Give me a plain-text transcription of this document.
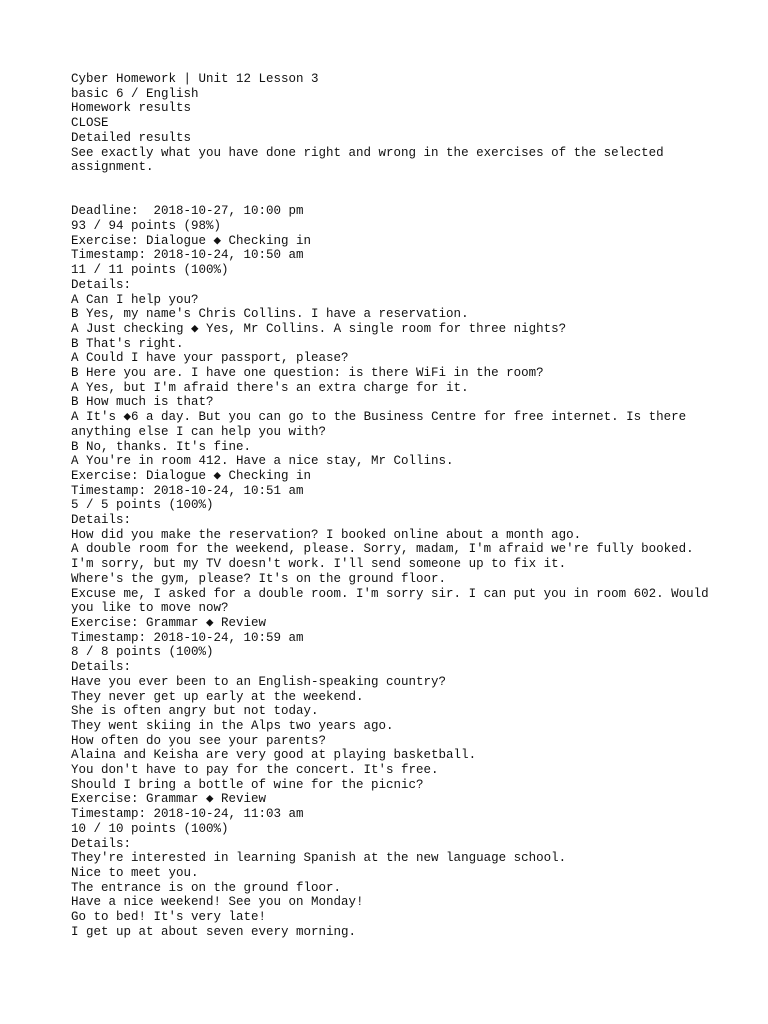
Cyber Homework | Unit 12 Lesson 3
basic 6 / English
Homework results
CLOSE
Detailed results
See exactly what you have done right and wrong in the exercises of the selected assignment.
Deadline:  2018-10-27, 10:00 pm
93 / 94 points (98%)
Exercise: Dialogue ◆ Checking in
Timestamp: 2018-10-24, 10:50 am
11 / 11 points (100%)
Details:
A Can I help you?
B Yes, my name's Chris Collins. I have a reservation.
A Just checking ◆ Yes, Mr Collins. A single room for three nights?
B That's right.
A Could I have your passport, please?
B Here you are. I have one question: is there WiFi in the room?
A Yes, but I'm afraid there's an extra charge for it.
B How much is that?
A It's ◆6 a day. But you can go to the Business Centre for free internet. Is there anything else I can help you with?
B No, thanks. It's fine.
A You're in room 412. Have a nice stay, Mr Collins.
Exercise: Dialogue ◆ Checking in
Timestamp: 2018-10-24, 10:51 am
5 / 5 points (100%)
Details:
How did you make the reservation? I booked online about a month ago.
A double room for the weekend, please. Sorry, madam, I'm afraid we're fully booked.
I'm sorry, but my TV doesn't work. I'll send someone up to fix it.
Where's the gym, please? It's on the ground floor.
Excuse me, I asked for a double room. I'm sorry sir. I can put you in room 602. Would you like to move now?
Exercise: Grammar ◆ Review
Timestamp: 2018-10-24, 10:59 am
8 / 8 points (100%)
Details:
Have you ever been to an English-speaking country?
They never get up early at the weekend.
She is often angry but not today.
They went skiing in the Alps two years ago.
How often do you see your parents?
Alaina and Keisha are very good at playing basketball.
You don't have to pay for the concert. It's free.
Should I bring a bottle of wine for the picnic?
Exercise: Grammar ◆ Review
Timestamp: 2018-10-24, 11:03 am
10 / 10 points (100%)
Details:
They're interested in learning Spanish at the new language school.
Nice to meet you.
The entrance is on the ground floor.
Have a nice weekend! See you on Monday!
Go to bed! It's very late!
I get up at about seven every morning.
